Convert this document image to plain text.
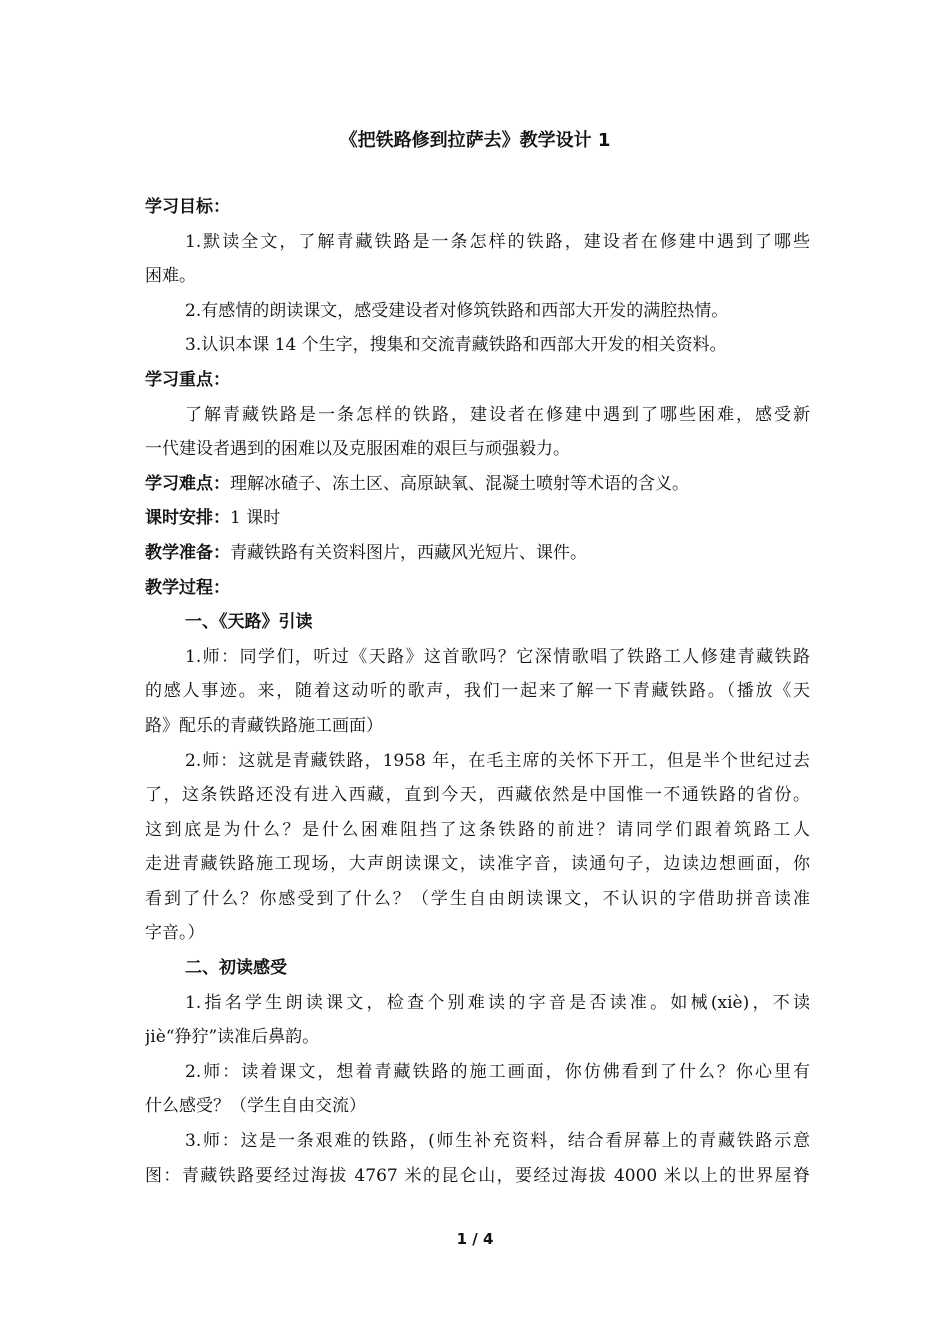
《把铁路修到拉萨去》教学设计 1
学习目标：
1.默读全文，了解青藏铁路是一条怎样的铁路，建设者在修建中遇到了哪些
困难。
2.有感情的朗读课文，感受建设者对修筑铁路和西部大开发的满腔热情。
3.认识本课 14 个生字，搜集和交流青藏铁路和西部大开发的相关资料。
学习重点：
了解青藏铁路是一条怎样的铁路，建设者在修建中遇到了哪些困难，感受新
一代建设者遇到的困难以及克服困难的艰巨与顽强毅力。
学习难点：理解冰碴子、冻土区、高原缺氧、混凝土喷射等术语的含义。
课时安排：1 课时
教学准备：青藏铁路有关资料图片，西藏风光短片、课件。
教学过程：
一、《天路》引读
1.师：同学们，听过《天路》这首歌吗？它深情歌唱了铁路工人修建青藏铁路
的感人事迹。来，随着这动听的歌声，我们一起来了解一下青藏铁路。（播放《天
路》配乐的青藏铁路施工画面）
2.师：这就是青藏铁路，1958 年，在毛主席的关怀下开工，但是半个世纪过去
了，这条铁路还没有进入西藏，直到今天，西藏依然是中国惟一不通铁路的省份。
这到底是为什么？是什么困难阻挡了这条铁路的前进？请同学们跟着筑路工人
走进青藏铁路施工现场，大声朗读课文，读准字音，读通句子，边读边想画面，你
看到了什么？你感受到了什么？（学生自由朗读课文，不认识的字借助拼音读准
字音。）
二、初读感受
1.指名学生朗读课文，检查个别难读的字音是否读准。如械(xiè)，不读
jiè“狰狞”读准后鼻韵。
2.师：读着课文，想着青藏铁路的施工画面，你仿佛看到了什么？你心里有
什么感受？（学生自由交流）
3.师：这是一条艰难的铁路，(师生补充资料，结合看屏幕上的青藏铁路示意
图：青藏铁路要经过海拔 4767 米的昆仑山，要经过海拔 4000 米以上的世界屋脊
1 / 4
